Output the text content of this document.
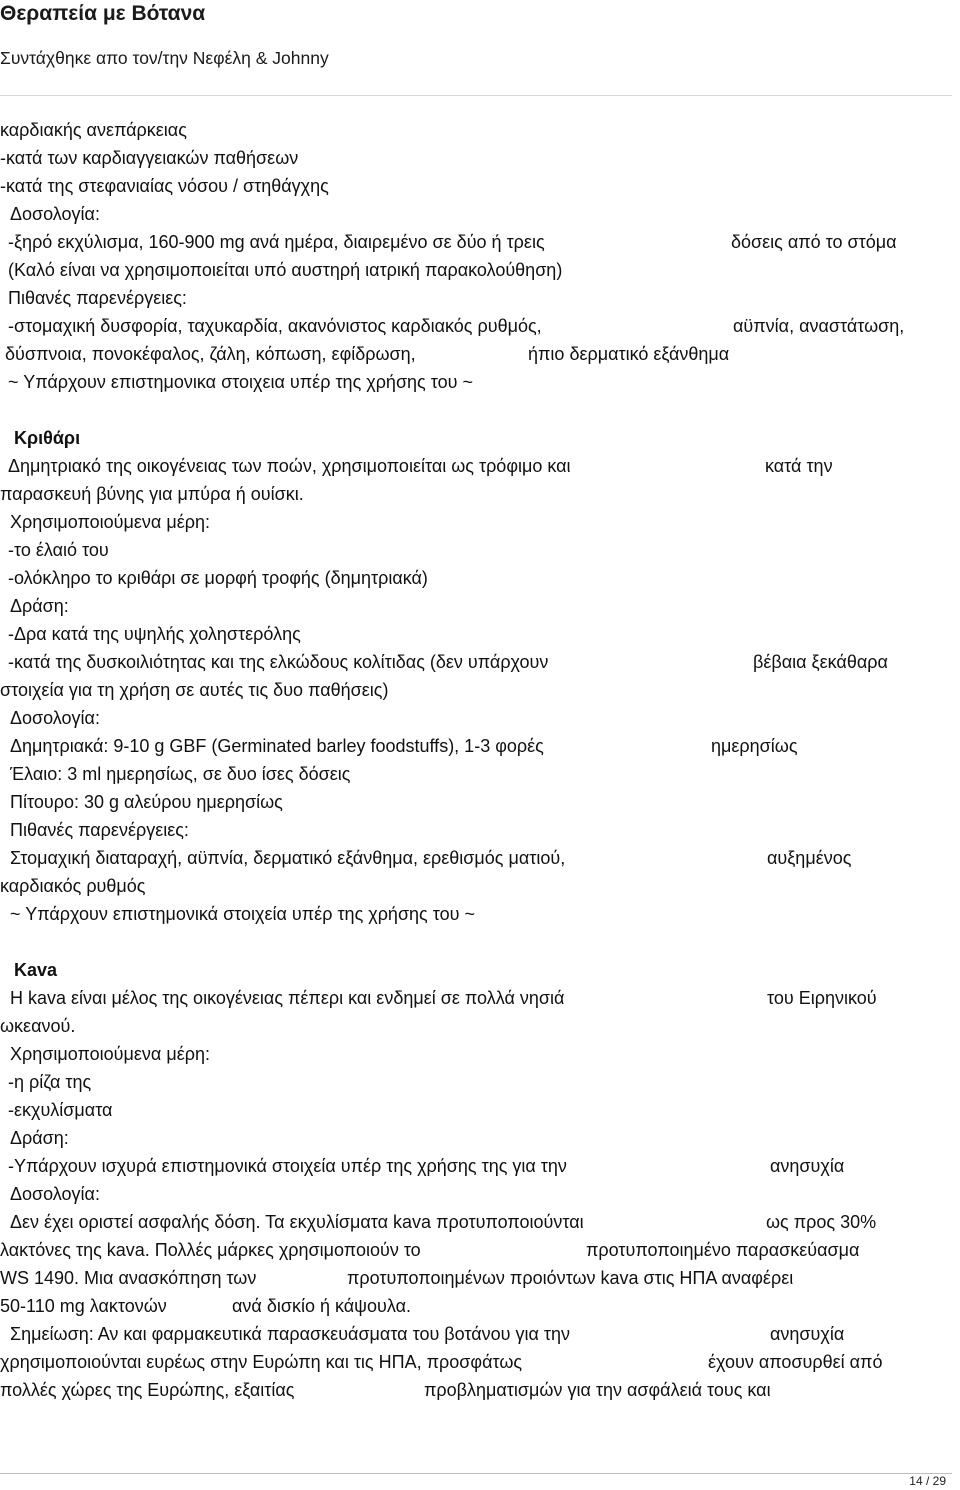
Θεραπεία με Βότανα
Συντάχθηκε απο τον/την Νεφέλη & Johnny
καρδιακής ανεπάρκειας
-κατά των καρδιαγγειακών παθήσεων
-κατά της στεφανιαίας νόσου / στηθάγχης
Δοσολογία:
-ξηρό εκχύλισμα, 160-900 mg ανά ημέρα, διαιρεμένο σε δύο ή τρεις	δόσεις από το στόμα
(Καλό είναι να χρησιμοποιείται υπό αυστηρή ιατρική παρακολούθηση)
Πιθανές παρενέργειες:
-στομαχική δυσφορία, ταχυκαρδία, ακανόνιστος καρδιακός ρυθμός,	αϋπνία, αναστάτωση,
δύσπνοια, πονοκέφαλος, ζάλη, κόπωση, εφίδρωση,	ήπιο δερματικό εξάνθημα
~ Υπάρχουν επιστημονικα στοιχεια υπέρ της χρήσης του ~
Κριθάρι
Δημητριακό της οικογένειας των ποών, χρησιμοποιείται ως τρόφιμο και	κατά την
παρασκευή βύνης για μπύρα ή ουίσκι.
Χρησιμοποιούμενα μέρη:
-το έλαιό του
-ολόκληρο το κριθάρι σε μορφή τροφής (δημητριακά)
Δράση:
-Δρα κατά της υψηλής χοληστερόλης
-κατά της δυσκοιλιότητας και της ελκώδους κολίτιδας (δεν υπάρχουν	βέβαια ξεκάθαρα
στοιχεία για τη χρήση σε αυτές τις δυο παθήσεις)
Δοσολογία:
Δημητριακά: 9-10 g GBF (Germinated barley foodstuffs), 1-3 φορές	ημερησίως
Έλαιο: 3 ml ημερησίως, σε δυο ίσες δόσεις
Πίτουρο: 30 g αλεύρου ημερησίως
Πιθανές παρενέργειες:
Στομαχική διαταραχή, αϋπνία, δερματικό εξάνθημα, ερεθισμός ματιού,	αυξημένος
καρδιακός ρυθμός
~ Υπάρχουν επιστημονικά στοιχεία υπέρ της χρήσης του ~
Kava
Η kava είναι μέλος της οικογένειας πέπερι και ενδημεί σε πολλά νησιά	του Ειρηνικού
ωκεανού.
Χρησιμοποιούμενα μέρη:
-η ρίζα της
-εκχυλίσματα
Δράση:
-Υπάρχουν ισχυρά επιστημονικά στοιχεία υπέρ της χρήσης της για την	ανησυχία
Δοσολογία:
Δεν έχει οριστεί ασφαλής δόση. Τα εκχυλίσματα kava προτυποποιούνται	ως προς 30%
λακτόνες της kava. Πολλές μάρκες χρησιμοποιούν το	προτυποποιημένο παρασκεύασμα
WS 1490. Μια ανασκόπηση των	προτυποποιημένων προιόντων kava στις ΗΠΑ αναφέρει
50-110 mg λακτονών	ανά δισκίο ή κάψουλα.
Σημείωση: Αν και φαρμακευτικά παρασκευάσματα του βοτάνου για την	ανησυχία
χρησιμοποιούνται ευρέως στην Ευρώπη και τις ΗΠΑ, προσφάτως	έχουν αποσυρθεί από
πολλές χώρες της Ευρώπης, εξαιτίας	προβληματισμών για την ασφάλειά τους και
14 / 29
